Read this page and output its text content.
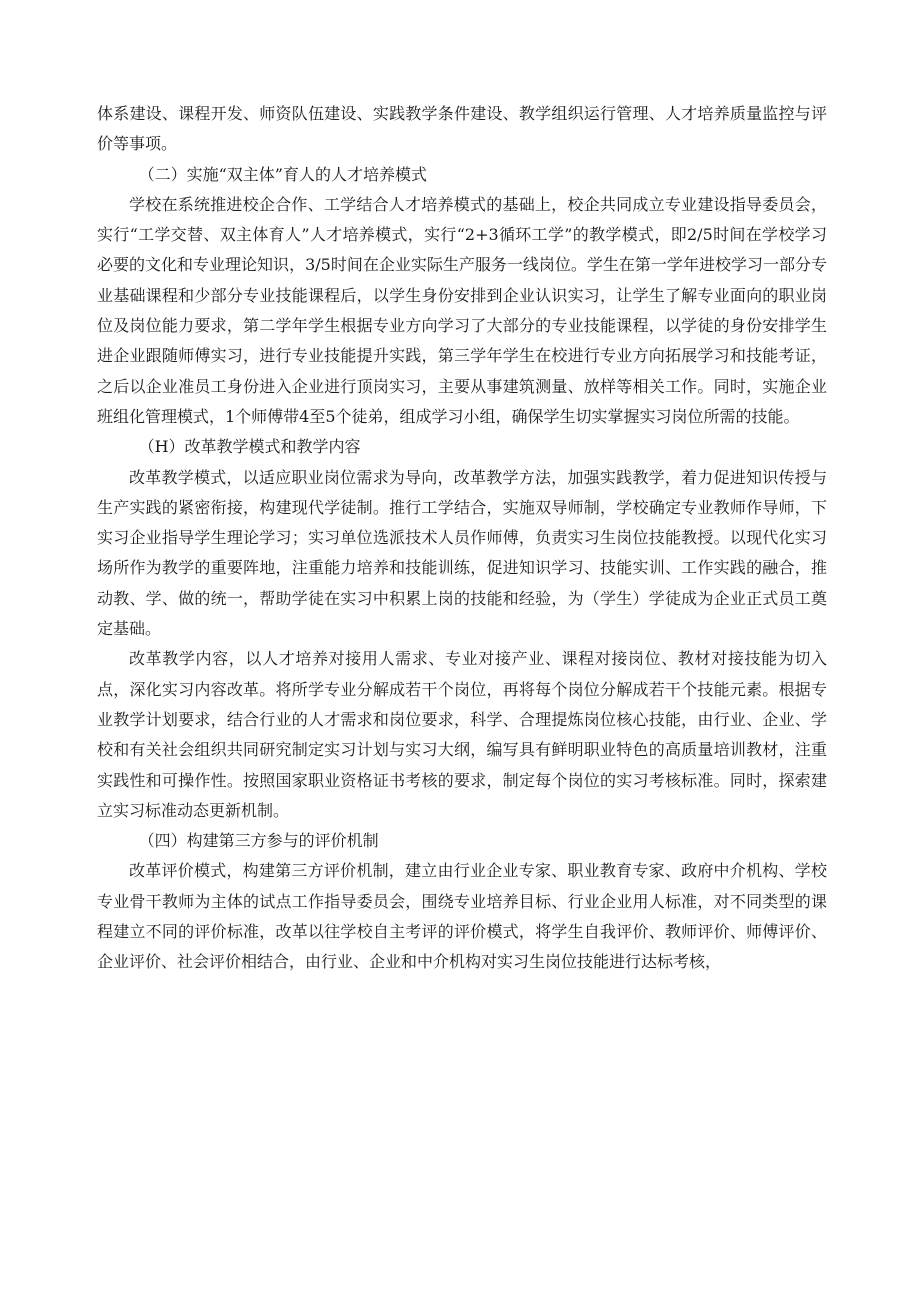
体系建设、课程开发、师资队伍建设、实践教学条件建设、教学组织运行管理、人才培养质量监控与评价等事项。

（二）实施“双主体”育人的人才培养模式

学校在系统推进校企合作、工学结合人才培养模式的基础上，校企共同成立专业建设指导委员会，实行“工学交替、双主体育人”人才培养模式，实行“2+3循环工学”的教学模式，即2/5时间在学校学习必要的文化和专业理论知识，3/5时间在企业实际生产服务一线岗位。学生在第一学年进校学习一部分专业基础课程和少部分专业技能课程后，以学生身份安排到企业认识实习，让学生了解专业面向的职业岗位及岗位能力要求，第二学年学生根据专业方向学习了大部分的专业技能课程，以学徒的身份安排学生进企业跟随师傅实习，进行专业技能提升实践，第三学年学生在校进行专业方向拓展学习和技能考证，之后以企业准员工身份进入企业进行顶岗实习，主要从事建筑测量、放样等相关工作。同时，实施企业班组化管理模式，1个师傅带4至5个徒弟，组成学习小组，确保学生切实掌握实习岗位所需的技能。

（H）改革教学模式和教学内容

改革教学模式，以适应职业岗位需求为导向，改革教学方法，加强实践教学，着力促进知识传授与生产实践的紧密衔接，构建现代学徒制。推行工学结合，实施双导师制，学校确定专业教师作导师，下实习企业指导学生理论学习；实习单位选派技术人员作师傅，负责实习生岗位技能教授。以现代化实习场所作为教学的重要阵地，注重能力培养和技能训练，促进知识学习、技能实训、工作实践的融合，推动教、学、做的统一，帮助学徒在实习中积累上岗的技能和经验，为（学生）学徒成为企业正式员工奠定基础。

改革教学内容，以人才培养对接用人需求、专业对接产业、课程对接岗位、教材对接技能为切入点，深化实习内容改革。将所学专业分解成若干个岗位，再将每个岗位分解成若干个技能元素。根据专业教学计划要求，结合行业的人才需求和岗位要求，科学、合理提炼岗位核心技能，由行业、企业、学校和有关社会组织共同研究制定实习计划与实习大纲，编写具有鲜明职业特色的高质量培训教材，注重实践性和可操作性。按照国家职业资格证书考核的要求，制定每个岗位的实习考核标准。同时，探索建立实习标准动态更新机制。

（四）构建第三方参与的评价机制

改革评价模式，构建第三方评价机制，建立由行业企业专家、职业教育专家、政府中介机构、学校专业骨干教师为主体的试点工作指导委员会，围绕专业培养目标、行业企业用人标准，对不同类型的课程建立不同的评价标准，改革以往学校自主考评的评价模式，将学生自我评价、教师评价、师傅评价、企业评价、社会评价相结合，由行业、企业和中介机构对实习生岗位技能进行达标考核，
